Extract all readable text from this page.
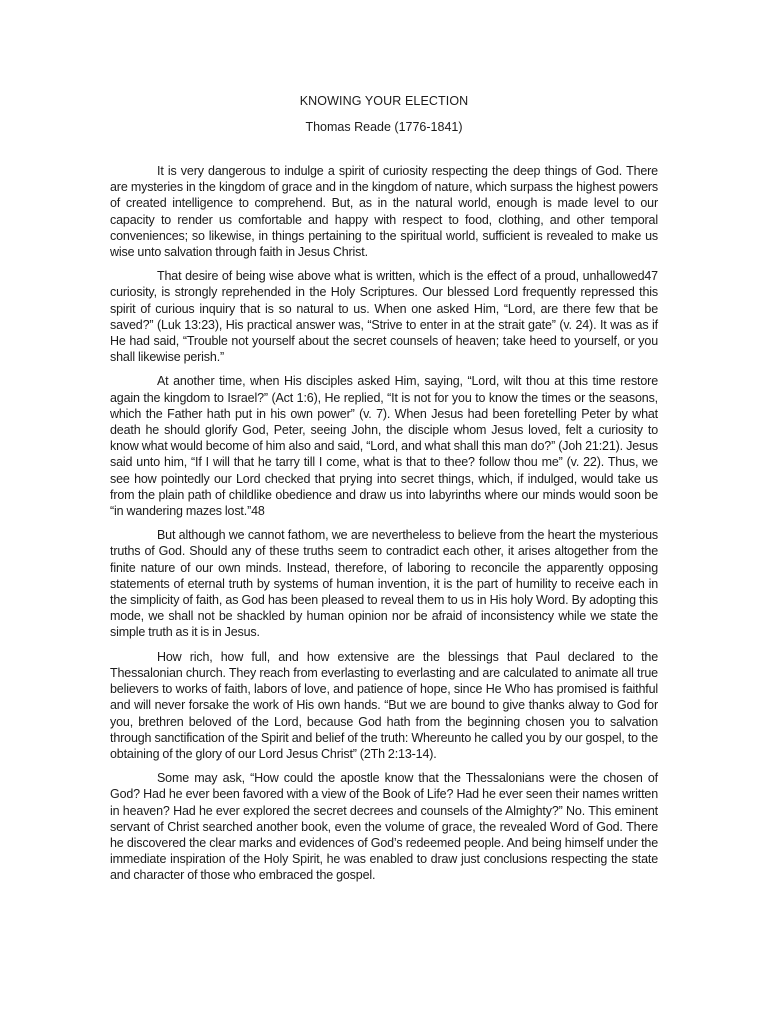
KNOWING YOUR ELECTION
Thomas Reade (1776-1841)

It is very dangerous to indulge a spirit of curiosity respecting the deep things of God. There are mysteries in the kingdom of grace and in the kingdom of nature, which surpass the highest powers of created intelligence to comprehend. But, as in the natural world, enough is made level to our capacity to render us comfortable and happy with respect to food, clothing, and other temporal conveniences; so likewise, in things pertaining to the spiritual world, sufficient is revealed to make us wise unto salvation through faith in Jesus Christ.

That desire of being wise above what is written, which is the effect of a proud, unhallowed47 curiosity, is strongly reprehended in the Holy Scriptures. Our blessed Lord frequently repressed this spirit of curious inquiry that is so natural to us. When one asked Him, “Lord, are there few that be saved?” (Luk 13:23), His practical answer was, “Strive to enter in at the strait gate” (v. 24). It was as if He had said, “Trouble not yourself about the secret counsels of heaven; take heed to yourself, or you shall likewise perish.”

At another time, when His disciples asked Him, saying, “Lord, wilt thou at this time restore again the kingdom to Israel?” (Act 1:6), He replied, “It is not for you to know the times or the seasons, which the Father hath put in his own power” (v. 7). When Jesus had been foretelling Peter by what death he should glorify God, Peter, seeing John, the disciple whom Jesus loved, felt a curiosity to know what would become of him also and said, “Lord, and what shall this man do?” (Joh 21:21). Jesus said unto him, “If I will that he tarry till I come, what is that to thee? follow thou me” (v. 22). Thus, we see how pointedly our Lord checked that prying into secret things, which, if indulged, would take us from the plain path of childlike obedience and draw us into labyrinths where our minds would soon be “in wandering mazes lost.”48

But although we cannot fathom, we are nevertheless to believe from the heart the mysterious truths of God. Should any of these truths seem to contradict each other, it arises altogether from the finite nature of our own minds. Instead, therefore, of laboring to reconcile the apparently opposing statements of eternal truth by systems of human invention, it is the part of humility to receive each in the simplicity of faith, as God has been pleased to reveal them to us in His holy Word. By adopting this mode, we shall not be shackled by human opinion nor be afraid of inconsistency while we state the simple truth as it is in Jesus.

How rich, how full, and how extensive are the blessings that Paul declared to the Thessalonian church. They reach from everlasting to everlasting and are calculated to animate all true believers to works of faith, labors of love, and patience of hope, since He Who has promised is faithful and will never forsake the work of His own hands. “But we are bound to give thanks alway to God for you, brethren beloved of the Lord, because God hath from the beginning chosen you to salvation through sanctification of the Spirit and belief of the truth: Whereunto he called you by our gospel, to the obtaining of the glory of our Lord Jesus Christ” (2Th 2:13-14).

Some may ask, “How could the apostle know that the Thessalonians were the chosen of God? Had he ever been favored with a view of the Book of Life? Had he ever seen their names written in heaven? Had he ever explored the secret decrees and counsels of the Almighty?” No. This eminent servant of Christ searched another book, even the volume of grace, the revealed Word of God. There he discovered the clear marks and evidences of God’s redeemed people. And being himself under the immediate inspiration of the Holy Spirit, he was enabled to draw just conclusions respecting the state and character of those who embraced the gospel.
